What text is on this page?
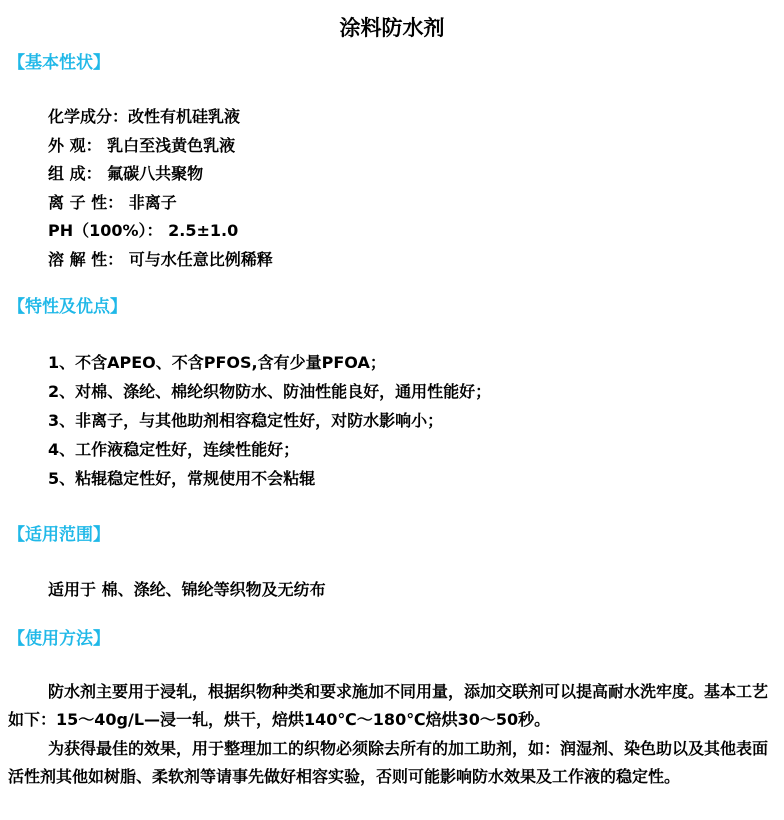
涂料防水剂
【基本性状】
化学成分：改性有机硅乳液
外 观： 乳白至浅黄色乳液
组 成： 氟碳八共聚物
离 子 性： 非离子
PH（100%）： 2.5±1.0
溶 解 性： 可与水任意比例稀释
【特性及优点】
1、不含APEO、不含PFOS,含有少量PFOA；
2、对棉、涤纶、棉纶织物防水、防油性能良好，通用性能好；
3、非离子，与其他助剂相容稳定性好，对防水影响小；
4、工作液稳定性好，连续性能好；
5、粘辊稳定性好，常规使用不会粘辊
【适用范围】
适用于 棉、涤纶、锦纶等织物及无纺布
【使用方法】
防水剂主要用于浸轧，根据织物种类和要求施加不同用量，添加交联剂可以提高耐水洗牢度。基本工艺如下：15～40g/L—浸一轧，烘干，焙烘140℃～180℃焙烘30～50秒。
为获得最佳的效果，用于整理加工的织物必须除去所有的加工助剂，如：润湿剂、染色助以及其他表面活性剂其他如树脂、柔软剂等请事先做好相容实验，否则可能影响防水效果及工作液的稳定性。
